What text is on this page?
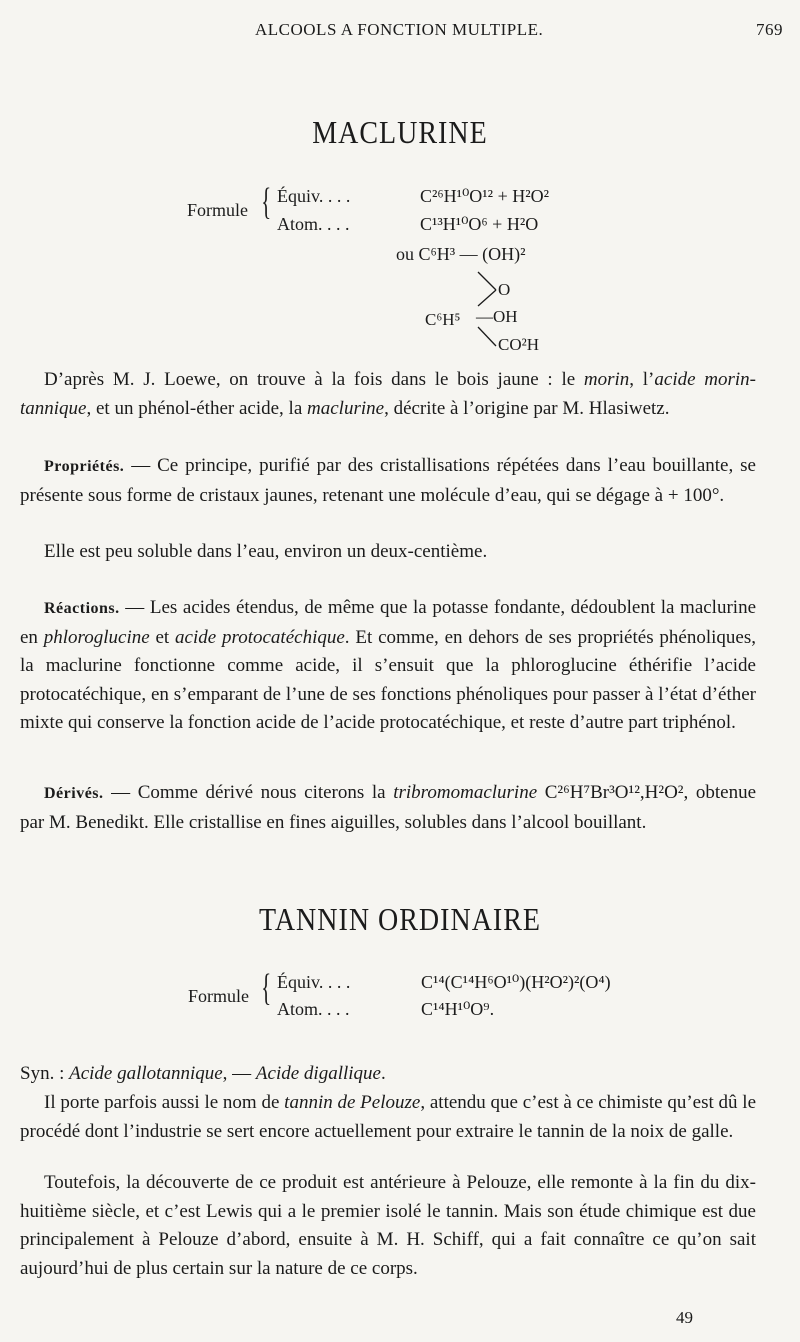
ALCOOLS A FONCTION MULTIPLE.	769
MACLURINE
Formule { Équiv. . . .	C²⁶H¹⁰O¹² + H²O²
Atom. . . .	C¹³H¹⁰O⁶ + H²O
ou C⁶H³ — (OH)²
O
C⁶H⁵ —OH
CO²H

D’après M. J. Loewe, on trouve à la fois dans le bois jaune : le morin, l’acide morin-tannique, et un phénol-éther acide, la maclurine, décrite à l’origine par M. Hlasiwetz.

Propriétés. — Ce principe, purifié par des cristallisations répétées dans l’eau bouillante, se présente sous forme de cristaux jaunes, retenant une molécule d’eau, qui se dégage à + 100°.

Elle est peu soluble dans l’eau, environ un deux-centième.

Réactions. — Les acides étendus, de même que la potasse fondante, dédoublent la maclurine en phloroglucine et acide protocatéchique. Et comme, en dehors de ses propriétés phénoliques, la maclurine fonctionne comme acide, il s’ensuit que la phloroglucine éthérifie l’acide protocatéchique, en s’emparant de l’une de ses fonctions phénoliques pour passer à l’état d’éther mixte qui conserve la fonction acide de l’acide protocatéchique, et reste d’autre part triphénol.

Dérivés. — Comme dérivé nous citerons la tribromomaclurine C²⁶H⁷Br³O¹²,H²O², obtenue par M. Benedikt. Elle cristallise en fines aiguilles, solubles dans l’alcool bouillant.

TANNIN ORDINAIRE
Formule { Équiv. . . .	C¹⁴(C¹⁴H⁶O¹⁰)(H²O²)²(O⁴)
Atom. . . .	C¹⁴H¹⁰O⁹.

Syn. : Acide gallotannique, — Acide digallique.

Il porte parfois aussi le nom de tannin de Pelouze, attendu que c’est à ce chimiste qu’est dû le procédé dont l’industrie se sert encore actuellement pour extraire le tannin de la noix de galle.

Toutefois, la découverte de ce produit est antérieure à Pelouze, elle remonte à la fin du dix-huitième siècle, et c’est Lewis qui a le premier isolé le tannin. Mais son étude chimique est due principalement à Pelouze d’abord, ensuite à M. H. Schiff, qui a fait connaître ce qu’on sait aujourd’hui de plus certain sur la nature de ce corps.

49
